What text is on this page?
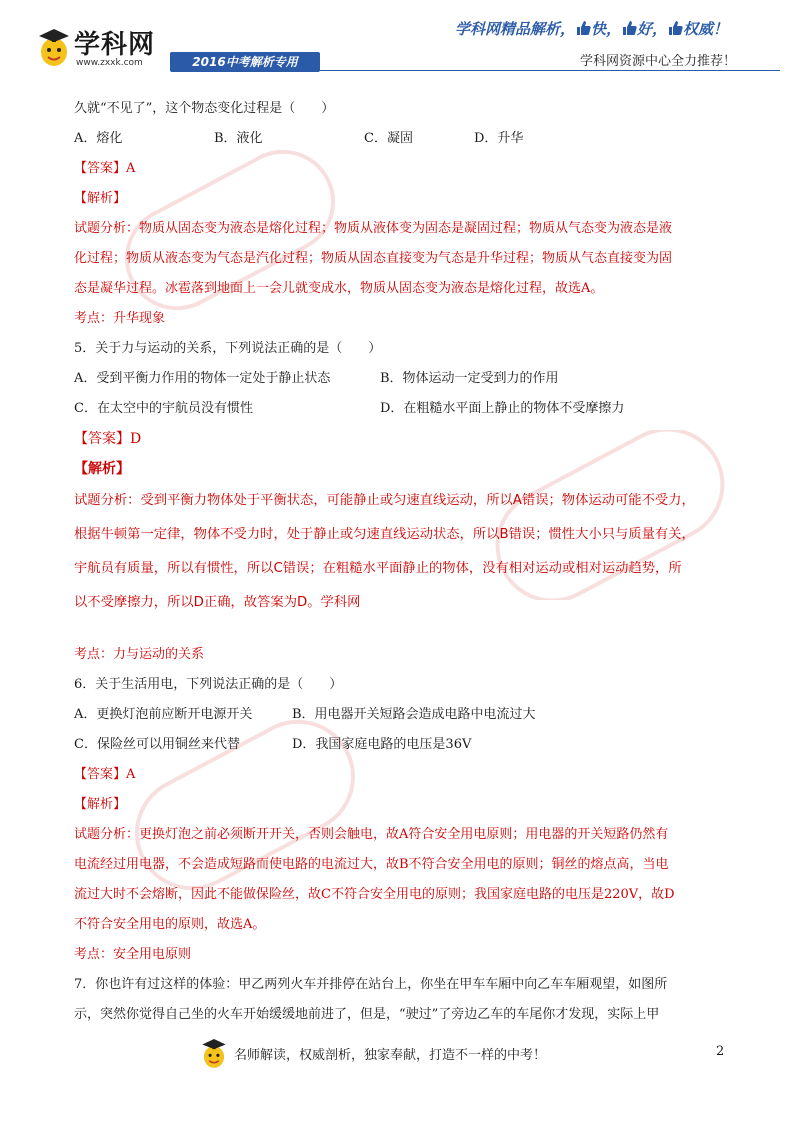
学科网
www.zxxk.com	2016中考解析专用
学科网精品解析， 快， 好， 权威！
学科网资源中心全力推荐！
久就“不见了”，这个物态变化过程是（　　）
A．熔化	B．液化	C．凝固	D．升华
【答案】A
【解析】
试题分析：物质从固态变为液态是熔化过程；物质从液体变为固态是凝固过程；物质从气态变为液态是液
化过程；物质从液态变为气态是汽化过程；物质从固态直接变为气态是升华过程；物质从气态直接变为固
态是凝华过程。冰雹落到地面上一会儿就变成水，物质从固态变为液态是熔化过程，故选A。
考点：升华现象
5．关于力与运动的关系，下列说法正确的是（　　）
A．受到平衡力作用的物体一定处于静止状态	B．物体运动一定受到力的作用
C．在太空中的宇航员没有惯性	D．在粗糙水平面上静止的物体不受摩擦力
【答案】D
【解析】
试题分析：受到平衡力物体处于平衡状态，可能静止或匀速直线运动，所以A错误；物体运动可能不受力，
根据牛顿第一定律，物体不受力时，处于静止或匀速直线运动状态，所以B错误；惯性大小只与质量有关，
宇航员有质量，所以有惯性，所以C错误；在粗糙水平面静止的物体，没有相对运动或相对运动趋势，所
以不受摩擦力，所以D正确，故答案为D。学科网
考点：力与运动的关系
6．关于生活用电，下列说法正确的是（　　）
A．更换灯泡前应断开电源开关	B．用电器开关短路会造成电路中电流过大
C．保险丝可以用铜丝来代替	D．我国家庭电路的电压是36V
【答案】A
【解析】
试题分析：更换灯泡之前必须断开开关，否则会触电，故A符合安全用电原则；用电器的开关短路仍然有
电流经过用电器，不会造成短路而使电路的电流过大，故B不符合安全用电的原则；铜丝的熔点高，当电
流过大时不会熔断，因此不能做保险丝，故C不符合安全用电的原则；我国家庭电路的电压是220V，故D
不符合安全用电的原则，故选A。
考点：安全用电原则
7．你也许有过这样的体验：甲乙两列火车并排停在站台上，你坐在甲车车厢中向乙车车厢观望，如图所
示，突然你觉得自己坐的火车开始缓缓地前进了，但是，“驶过”了旁边乙车的车尾你才发现，实际上甲
名师解读，权威剖析，独家奉献，打造不一样的中考！	2
